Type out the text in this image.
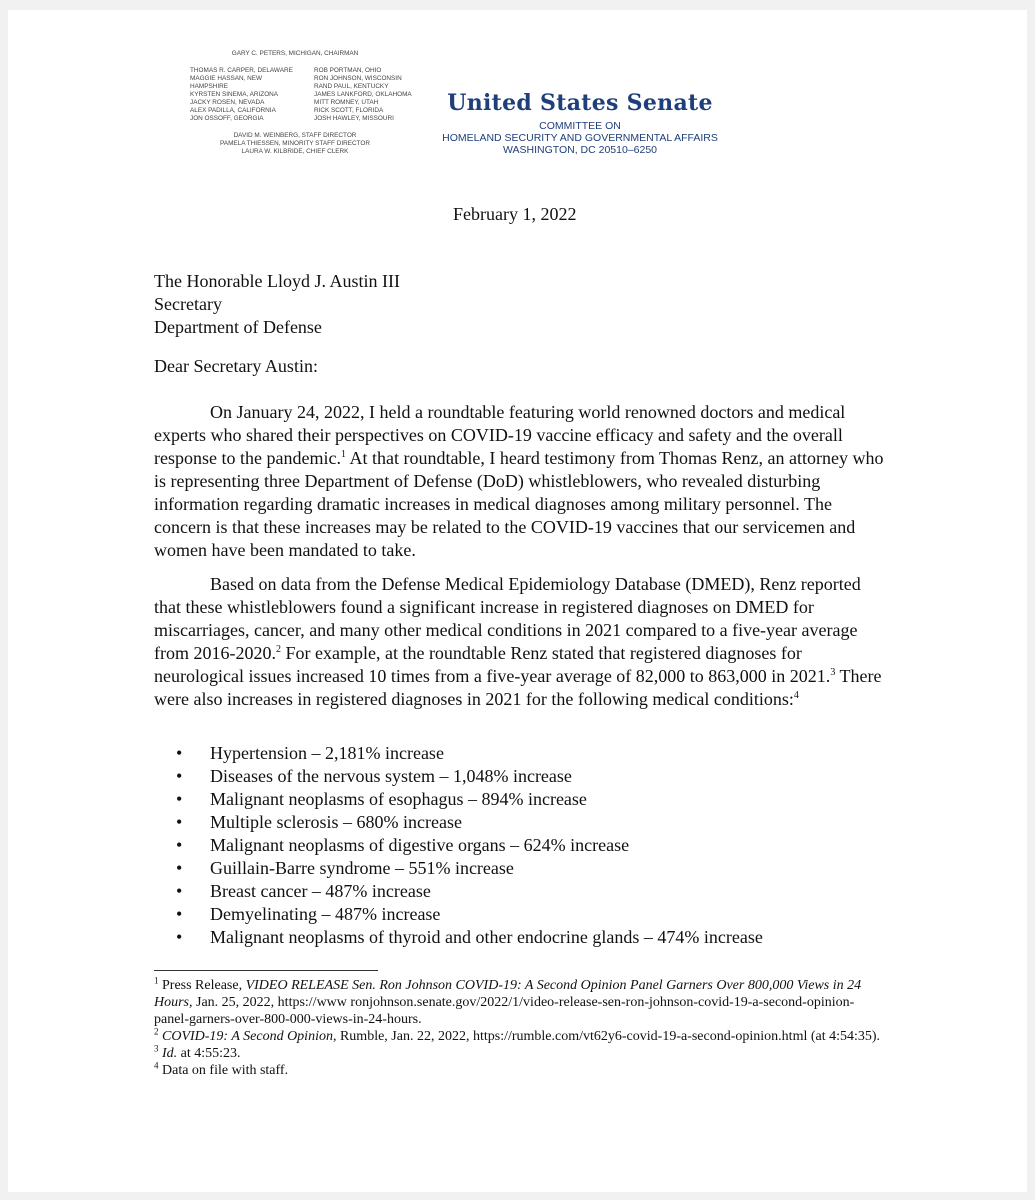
GARY C. PETERS, MICHIGAN, CHAIRMAN
THOMAS R. CARPER, DELAWARE
MAGGIE HASSAN, NEW HAMPSHIRE
KYRSTEN SINEMA, ARIZONA
JACKY ROSEN, NEVADA
ALEX PADILLA, CALIFORNIA
JON OSSOFF, GEORGIA
ROB PORTMAN, OHIO
RON JOHNSON, WISCONSIN
RAND PAUL, KENTUCKY
JAMES LANKFORD, OKLAHOMA
MITT ROMNEY, UTAH
RICK SCOTT, FLORIDA
JOSH HAWLEY, MISSOURI
DAVID M. WEINBERG, STAFF DIRECTOR
PAMELA THIESSEN, MINORITY STAFF DIRECTOR
LAURA W. KILBRIDE, CHIEF CLERK
United States Senate
COMMITTEE ON
HOMELAND SECURITY AND GOVERNMENTAL AFFAIRS
WASHINGTON, DC 20510–6250
February 1, 2022
The Honorable Lloyd J. Austin III
Secretary
Department of Defense
Dear Secretary Austin:
On January 24, 2022, I held a roundtable featuring world renowned doctors and medical experts who shared their perspectives on COVID-19 vaccine efficacy and safety and the overall response to the pandemic.$^1$ At that roundtable, I heard testimony from Thomas Renz, an attorney who is representing three Department of Defense (DoD) whistleblowers, who revealed disturbing information regarding dramatic increases in medical diagnoses among military personnel. The concern is that these increases may be related to the COVID-19 vaccines that our servicemen and women have been mandated to take.
Based on data from the Defense Medical Epidemiology Database (DMED), Renz reported that these whistleblowers found a significant increase in registered diagnoses on DMED for miscarriages, cancer, and many other medical conditions in 2021 compared to a five-year average from 2016-2020.$^2$ For example, at the roundtable Renz stated that registered diagnoses for neurological issues increased 10 times from a five-year average of 82,000 to 863,000 in 2021.$^3$ There were also increases in registered diagnoses in 2021 for the following medical conditions:$^4$
•	Hypertension – 2,181% increase
•	Diseases of the nervous system – 1,048% increase
•	Malignant neoplasms of esophagus – 894% increase
•	Multiple sclerosis – 680% increase
•	Malignant neoplasms of digestive organs – 624% increase
•	Guillain-Barre syndrome – 551% increase
•	Breast cancer – 487% increase
•	Demyelinating – 487% increase
•	Malignant neoplasms of thyroid and other endocrine glands – 474% increase
$^1$ Press Release, VIDEO RELEASE Sen. Ron Johnson COVID-19: A Second Opinion Panel Garners Over 800,000 Views in 24 Hours, Jan. 25, 2022, https://www ronjohnson.senate.gov/2022/1/video-release-sen-ron-johnson-covid-19-a-second-opinion-panel-garners-over-800-000-views-in-24-hours.
$^2$ COVID-19: A Second Opinion, Rumble, Jan. 22, 2022, https://rumble.com/vt62y6-covid-19-a-second-opinion.html (at 4:54:35).
$^3$ Id. at 4:55:23.
$^4$ Data on file with staff.
